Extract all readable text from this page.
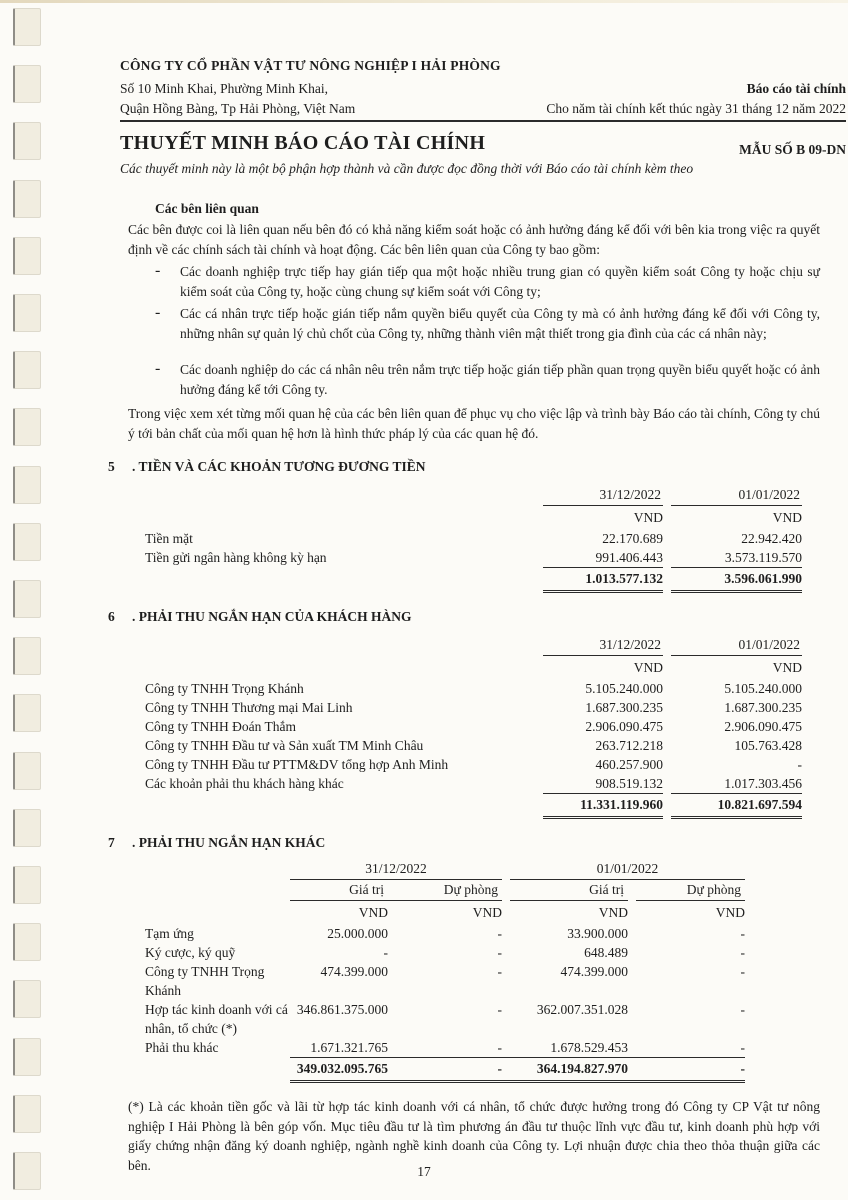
CÔNG TY CỔ PHẦN VẬT TƯ NÔNG NGHIỆP I HẢI PHÒNG
Số 10 Minh Khai, Phường Minh Khai,
Quận Hồng Bàng, Tp Hải Phòng, Việt Nam
Báo cáo tài chính
Cho năm tài chính kết thúc ngày 31 tháng 12 năm 2022
THUYẾT MINH BÁO CÁO TÀI CHÍNH	MẪU SỐ B 09-DN
Các thuyết minh này là một bộ phận hợp thành và cần được đọc đồng thời với Báo cáo tài chính kèm theo
Các bên liên quan

Các bên được coi là liên quan nếu bên đó có khả năng kiểm soát hoặc có ảnh hưởng đáng kể đối với bên kia trong việc ra quyết định về các chính sách tài chính và hoạt động. Các bên liên quan của Công ty bao gồm:

-	Các doanh nghiệp trực tiếp hay gián tiếp qua một hoặc nhiều trung gian có quyền kiểm soát Công ty hoặc chịu sự kiểm soát của Công ty, hoặc cùng chung sự kiểm soát với Công ty;
-	Các cá nhân trực tiếp hoặc gián tiếp nắm quyền biểu quyết của Công ty mà có ảnh hưởng đáng kể đối với Công ty, những nhân sự quản lý chủ chốt của Công ty, những thành viên mật thiết trong gia đình của các cá nhân này;
-	Các doanh nghiệp do các cá nhân nêu trên nắm trực tiếp hoặc gián tiếp phần quan trọng quyền biểu quyết hoặc có ảnh hưởng đáng kể tới Công ty.

Trong việc xem xét từng mối quan hệ của các bên liên quan để phục vụ cho việc lập và trình bày Báo cáo tài chính, Công ty chú ý tới bản chất của mối quan hệ hơn là hình thức pháp lý của các quan hệ đó.

5	. TIỀN VÀ CÁC KHOẢN TƯƠNG ĐƯƠNG TIỀN
31/12/2022	01/01/2022
VND	VND
Tiền mặt	22.170.689	22.942.420
Tiền gửi ngân hàng không kỳ hạn	991.406.443	3.573.119.570
1.013.577.132	3.596.061.990
6	. PHẢI THU NGẮN HẠN CỦA KHÁCH HÀNG
31/12/2022	01/01/2022
VND	VND
Công ty TNHH Trọng Khánh	5.105.240.000	5.105.240.000
Công ty TNHH Thương mại Mai Linh	1.687.300.235	1.687.300.235
Công ty TNHH Đoán Thắm	2.906.090.475	2.906.090.475
Công ty TNHH Đầu tư và Sản xuất TM Minh Châu	263.712.218	105.763.428
Công ty TNHH Đầu tư PTTM&DV tổng hợp Anh Minh	460.257.900	-
Các khoản phải thu khách hàng khác	908.519.132	1.017.303.456
11.331.119.960	10.821.697.594
7	. PHẢI THU NGẮN HẠN KHÁC
31/12/2022	01/01/2022
Giá trị	Dự phòng	Giá trị	Dự phòng
VND	VND	VND	VND
Tạm ứng	25.000.000	-	33.900.000	-
Ký cược, ký quỹ	-	-	648.489	-
Công ty TNHH Trọng Khánh
474.399.000	-	474.399.000	-
Hợp tác kinh doanh với cá nhân, tổ chức (*)
346.861.375.000	-	362.007.351.028	-
Phải thu khác	1.671.321.765	-	1.678.529.453	-
349.032.095.765	-	364.194.827.970	-

(*) Là các khoản tiền gốc và lãi từ hợp tác kinh doanh với cá nhân, tổ chức được hưởng trong đó Công ty CP Vật tư nông nghiệp I Hải Phòng là bên góp vốn. Mục tiêu đầu tư là tìm phương án đầu tư thuộc lĩnh vực đầu tư, kinh doanh phù hợp với giấy chứng nhận đăng ký doanh nghiệp, ngành nghề kinh doanh của Công ty. Lợi nhuận được chia theo thỏa thuận giữa các bên.	17
